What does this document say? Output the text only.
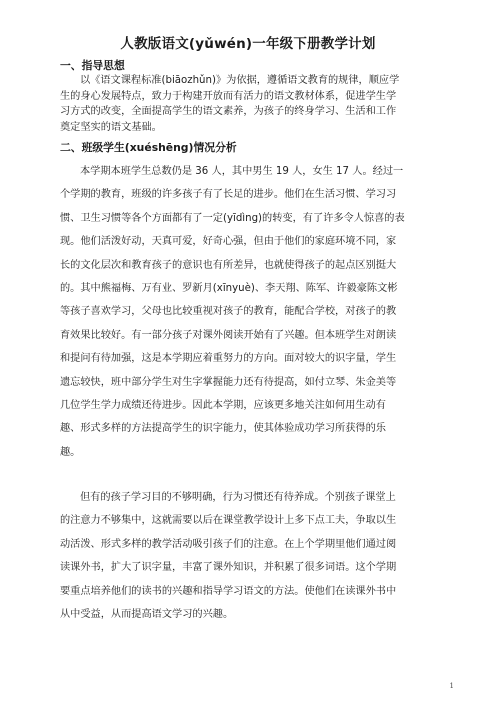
人教版语文(yǔwén)一年级下册教学计划
一、指导思想
以《语文课程标准(biāozhǔn)》为依据，遵循语文教育的规律，顺应学
生的身心发展特点，致力于构建开放而有活力的语文教材体系，促进学生学
习方式的改变，全面提高学生的语文素养，为孩子的终身学习、生活和工作
奠定坚实的语文基础。
二、班级学生(xuéshēng)情况分析
本学期本班学生总数仍是 36 人，其中男生 19 人，女生 17 人。经过一
个学期的教育，班级的许多孩子有了长足的进步。他们在生活习惯、学习习
惯、卫生习惯等各个方面都有了一定(yīdìng)的转变，有了许多令人惊喜的表
现。他们活泼好动，天真可爱，好奇心强，但由于他们的家庭环境不同，家
长的文化层次和教育孩子的意识也有所差异，也就使得孩子的起点区别挺大
的。其中熊福梅、万有业、罗新月(xīnyuè)、李天翔、陈军、许毅豪陈文彬
等孩子喜欢学习，父母也比较重视对孩子的教育，能配合学校，对孩子的教
育效果比较好。有一部分孩子对课外阅读开始有了兴趣。但本班学生对朗读
和提问有待加强，这是本学期应着重努力的方向。面对较大的识字量，学生
遗忘较快，班中部分学生对生字掌握能力还有待提高，如付立琴、朱金美等
几位学生学力成绩还待进步。因此本学期，应该更多地关注如何用生动有
趣、形式多样的方法提高学生的识字能力，使其体验成功学习所获得的乐
趣。
但有的孩子学习目的不够明确，行为习惯还有待养成。个别孩子课堂上
的注意力不够集中，这就需要以后在课堂教学设计上多下点工夫，争取以生
动活泼、形式多样的教学活动吸引孩子们的注意。在上个学期里他们通过阅
读课外书，扩大了识字量，丰富了课外知识，并积累了很多词语。这个学期
要重点培养他们的读书的兴趣和指导学习语文的方法。使他们在读课外书中
从中受益，从而提高语文学习的兴趣。
1
